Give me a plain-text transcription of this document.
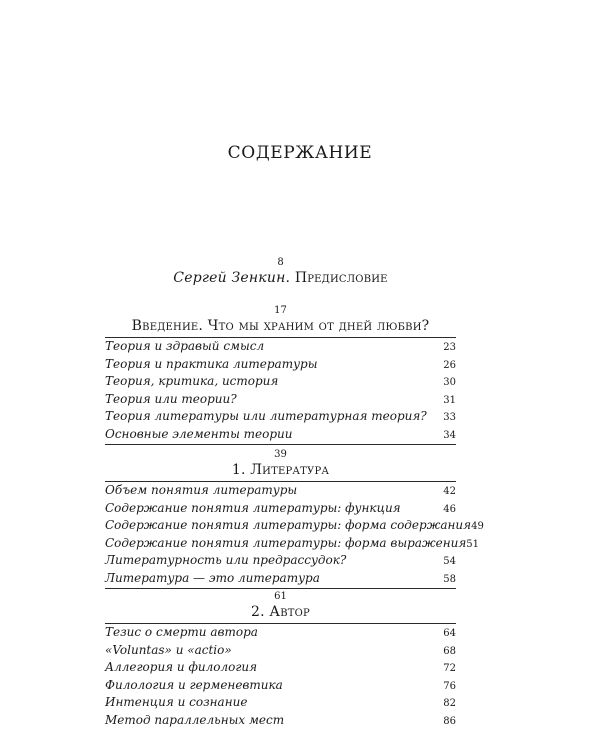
СОДЕРЖАНИЕ
8
Сергей Зенкин. Предисловие
17
Введение. Что мы храним от дней любви?
Теория и здравый смысл	23
Теория и практика литературы	26
Теория, критика, история	30
Теория или теории?	31
Теория литературы или литературная теория? 33
Основные элементы теории	34
39
1. Литература
Объем понятия литературы	42
Содержание понятия литературы: функция	46
Содержание понятия литературы: форма содержания 49
Содержание понятия литературы: форма выражения 51
Литературность или предрассудок?	54
Литература — это литература	58
61
2. Автор
Тезис о смерти автора	64
«Voluntas» и «actio»	68
Аллегория и филология	72
Филология и герменевтика	76
Интенция и сознание	82
Метод параллельных мест	86
